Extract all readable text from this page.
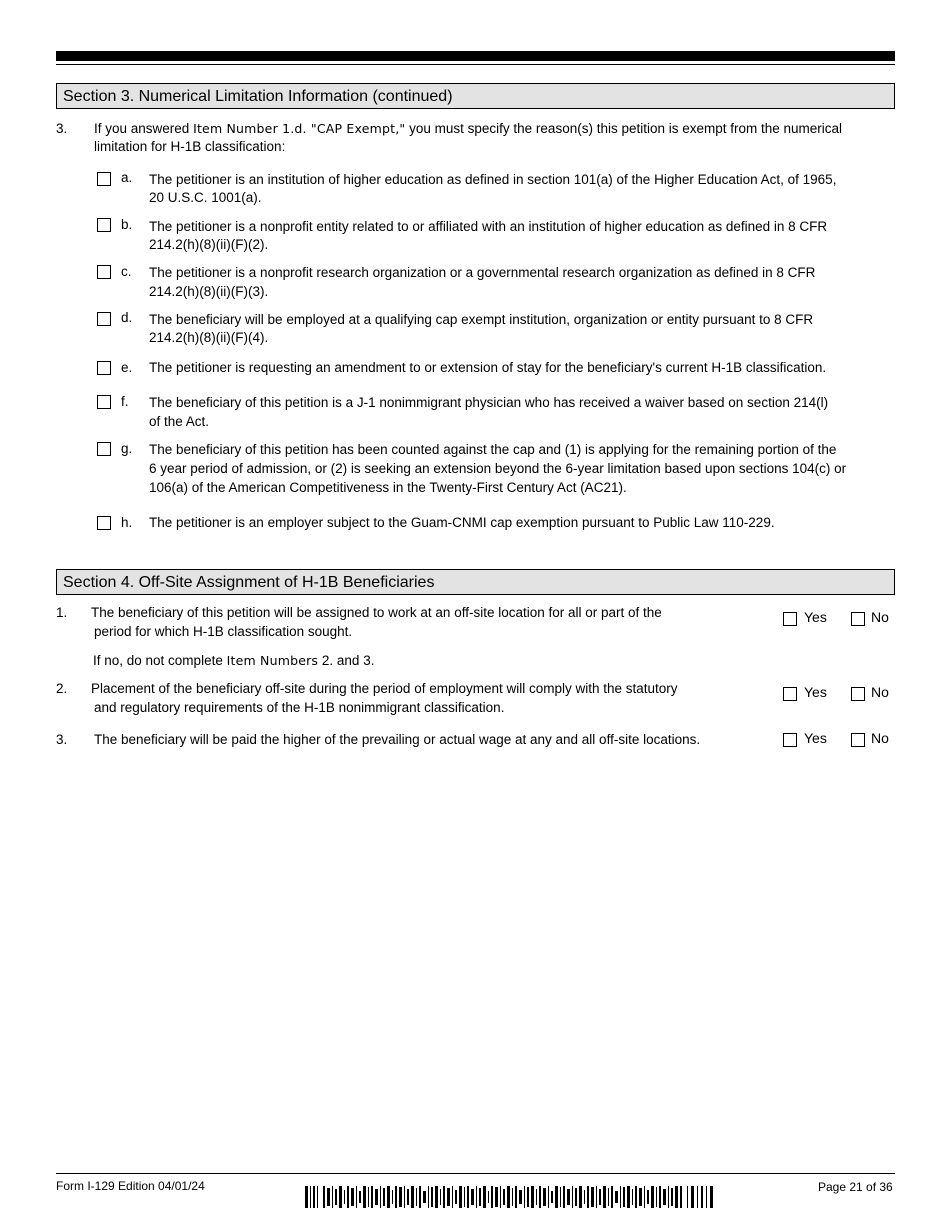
Section 3. Numerical Limitation Information (continued)
3. If you answered Item Number 1.d. "CAP Exempt," you must specify the reason(s) this petition is exempt from the numerical
limitation for H-1B classification:
a. The petitioner is an institution of higher education as defined in section 101(a) of the Higher Education Act, of 1965,
20 U.S.C. 1001(a).
b. The petitioner is a nonprofit entity related to or affiliated with an institution of higher education as defined in 8 CFR
214.2(h)(8)(ii)(F)(2).
c. The petitioner is a nonprofit research organization or a governmental research organization as defined in 8 CFR
214.2(h)(8)(ii)(F)(3).
d. The beneficiary will be employed at a qualifying cap exempt institution, organization or entity pursuant to 8 CFR
214.2(h)(8)(ii)(F)(4).
e. The petitioner is requesting an amendment to or extension of stay for the beneficiary's current H-1B classification.
f. The beneficiary of this petition is a J-1 nonimmigrant physician who has received a waiver based on section 214(l)
of the Act.
g. The beneficiary of this petition has been counted against the cap and (1) is applying for the remaining portion of the
6 year period of admission, or (2) is seeking an extension beyond the 6-year limitation based upon sections 104(c) or
106(a) of the American Competitiveness in the Twenty-First Century Act (AC21).
h. The petitioner is an employer subject to the Guam-CNMI cap exemption pursuant to Public Law 110-229.
Section 4. Off-Site Assignment of H-1B Beneficiaries
1. The beneficiary of this petition will be assigned to work at an off-site location for all or part of the
period for which H-1B classification sought.
Yes	No
If no, do not complete Item Numbers 2. and 3.
2. Placement of the beneficiary off-site during the period of employment will comply with the statutory
and regulatory requirements of the H-1B nonimmigrant classification.
Yes	No
3. The beneficiary will be paid the higher of the prevailing or actual wage at any and all off-site locations.	Yes	No
Form I-129 Edition 04/01/24	Page 21 of 36
